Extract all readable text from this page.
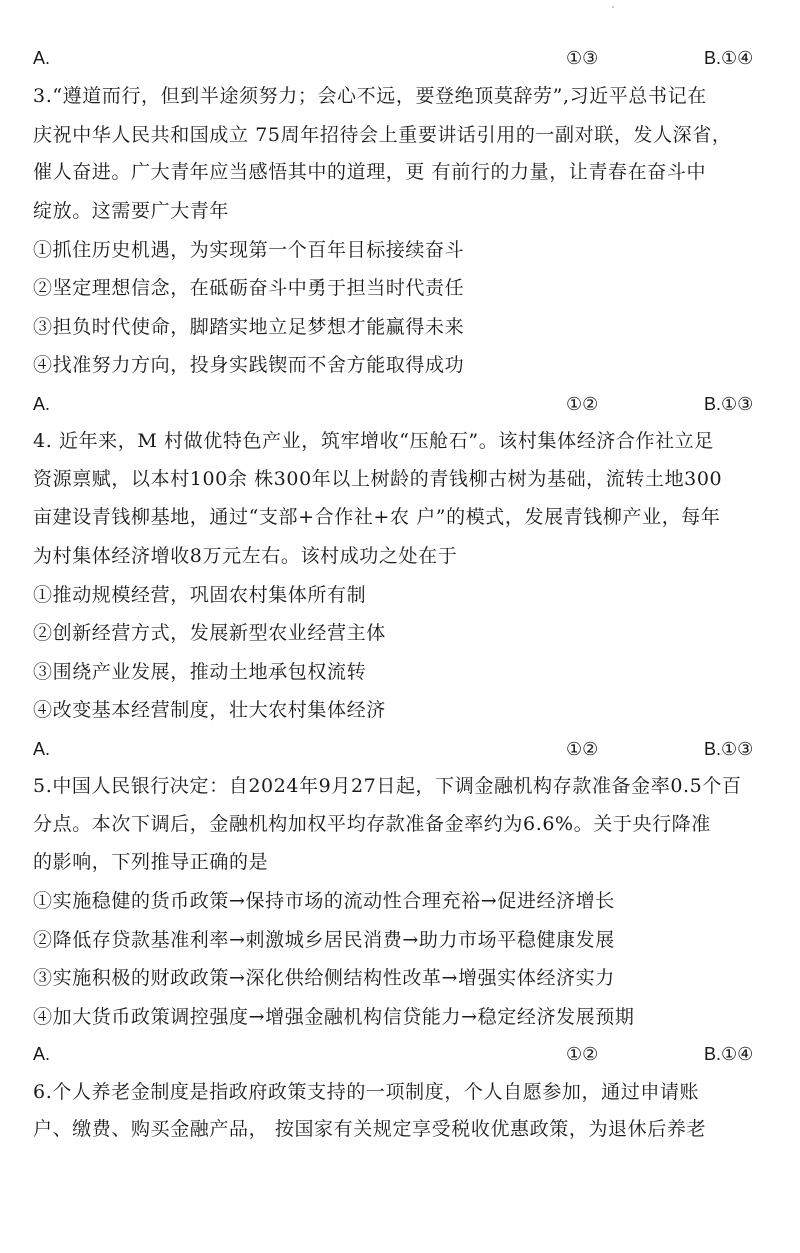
A.	①③	B.①④
3.“遵道而行，但到半途须努力；会心不远，要登绝顶莫辞劳”,习近平总书记在
庆祝中华人民共和国成立 75周年招待会上重要讲话引用的一副对联，发人深省，
催人奋进。广大青年应当感悟其中的道理，更 有前行的力量，让青春在奋斗中
绽放。这需要广大青年
①抓住历史机遇，为实现第一个百年目标接续奋斗
②坚定理想信念，在砥砺奋斗中勇于担当时代责任
③担负时代使命，脚踏实地立足梦想才能赢得未来
④找准努力方向，投身实践锲而不舍方能取得成功
A.	①②	B.①③
4. 近年来，M 村做优特色产业，筑牢增收“压舱石”。该村集体经济合作社立足
资源禀赋，以本村100余 株300年以上树龄的青钱柳古树为基础，流转土地300
亩建设青钱柳基地，通过“支部+合作社+农 户”的模式，发展青钱柳产业，每年
为村集体经济增收8万元左右。该村成功之处在于
①推动规模经营，巩固农村集体所有制
②创新经营方式，发展新型农业经营主体
③围绕产业发展，推动土地承包权流转
④改变基本经营制度，壮大农村集体经济
A.	①②	B.①③
5.中国人民银行决定：自2024年9月27日起，下调金融机构存款准备金率0.5个百
分点。本次下调后，金融机构加权平均存款准备金率约为6.6%。关于央行降准
的影响，下列推导正确的是
①实施稳健的货币政策→保持市场的流动性合理充裕→促进经济增长
②降低存贷款基准利率→刺激城乡居民消费→助力市场平稳健康发展
③实施积极的财政政策→深化供给侧结构性改革→增强实体经济实力
④加大货币政策调控强度→增强金融机构信贷能力→稳定经济发展预期
A.	①②	B.①④
6.个人养老金制度是指政府政策支持的一项制度，个人自愿参加，通过申请账
户、缴费、购买金融产品， 按国家有关规定享受税收优惠政策，为退休后养老
